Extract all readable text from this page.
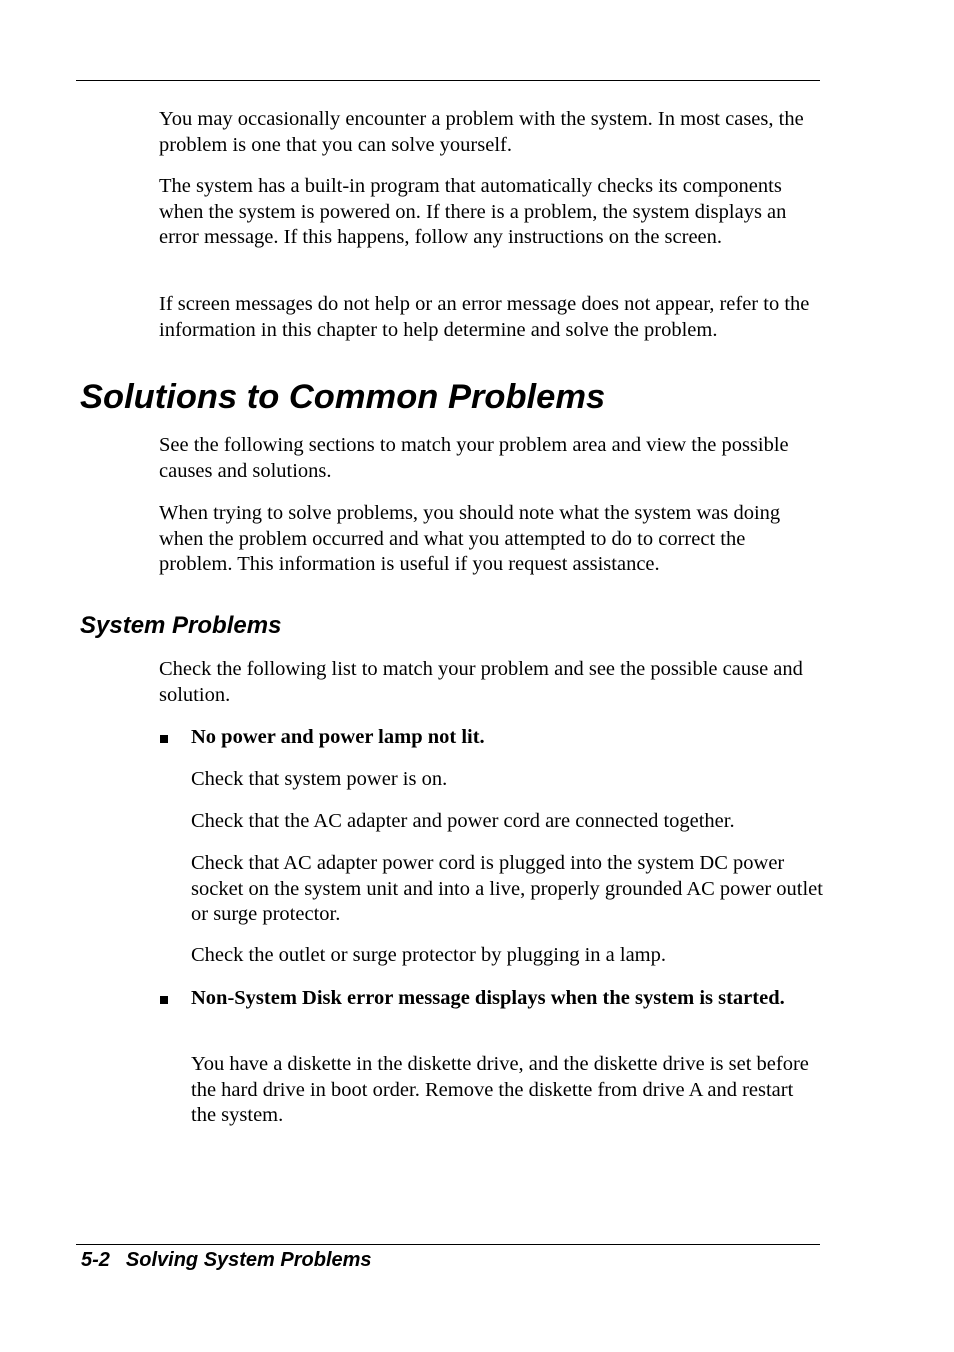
You may occasionally encounter a problem with the system. In most cases, the problem is one that you can solve yourself.

The system has a built-in program that automatically checks its components when the system is powered on. If there is a problem, the system displays an error message. If this happens, follow any instructions on the screen.

If screen messages do not help or an error message does not appear, refer to the information in this chapter to help determine and solve the problem.

Solutions to Common Problems

See the following sections to match your problem area and view the possible causes and solutions.

When trying to solve problems, you should note what the system was doing when the problem occurred and what you attempted to do to correct the problem. This information is useful if you request assistance.

System Problems

Check the following list to match your problem and see the possible cause and solution.

No power and power lamp not lit.
Check that system power is on.
Check that the AC adapter and power cord are connected together.
Check that AC adapter power cord is plugged into the system DC power socket on the system unit and into a live, properly grounded AC power outlet or surge protector.
Check the outlet or surge protector by plugging in a lamp.
Non-System Disk error message displays when the system is started.
You have a diskette in the diskette drive, and the diskette drive is set before the hard drive in boot order. Remove the diskette from drive A and restart the system.
5-2 Solving System Problems
